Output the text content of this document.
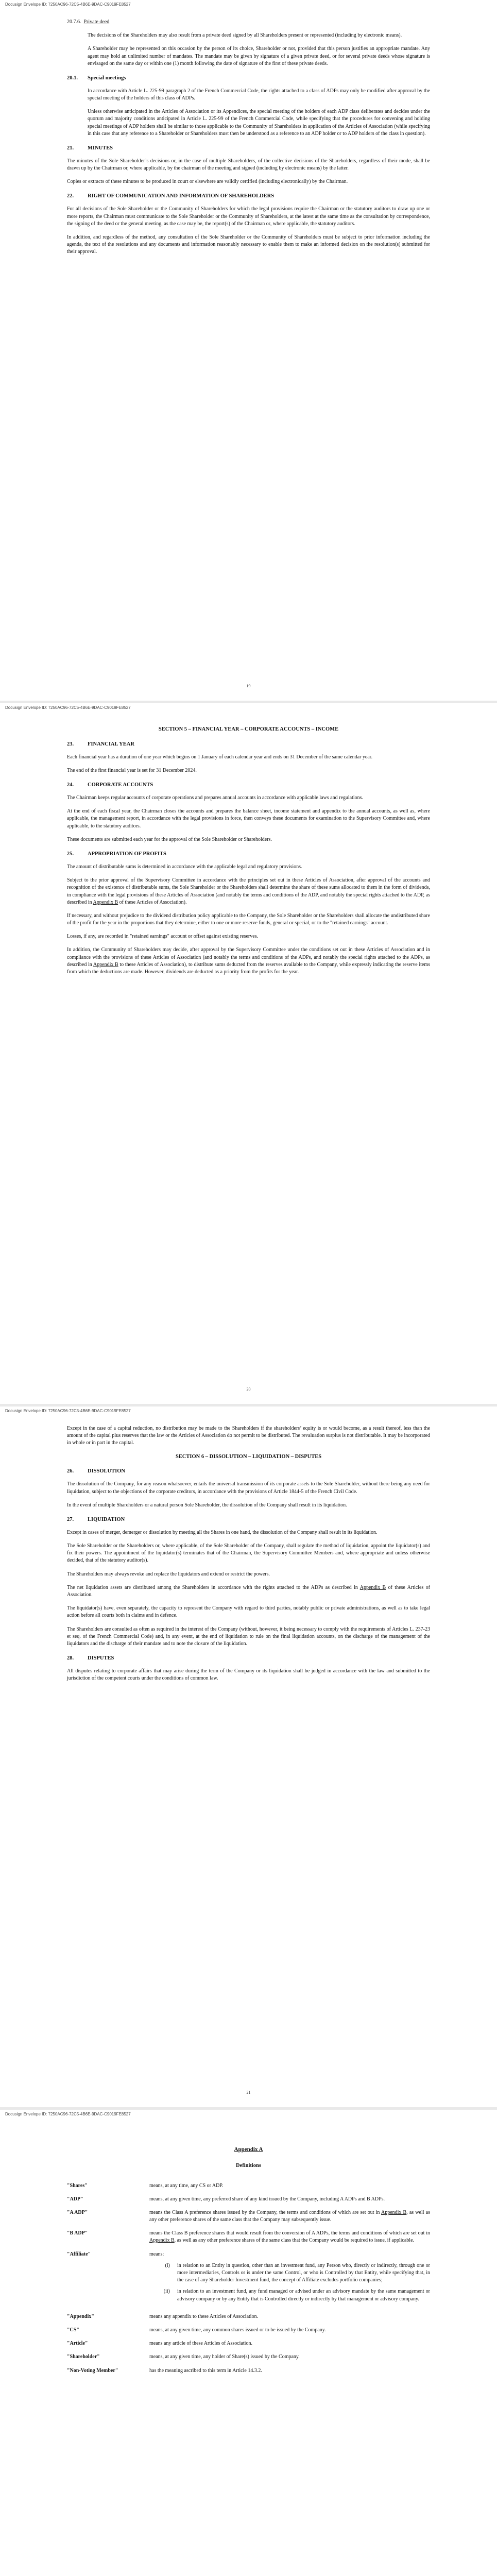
Docusign Envelope ID: 7250AC96-72C5-4B6E-9DAC-C9019FE8527

20.7.6. Private deed

The decisions of the Shareholders may also result from a private deed signed by all Shareholders present or represented (including by electronic means).

A Shareholder may be represented on this occasion by the person of its choice, Shareholder or not, provided that this person justifies an appropriate mandate. Any agent may hold an unlimited number of mandates. The mandate may be given by signature of a given private deed, or for several private deeds whose signature is envisaged on the same day or within one (1) month following the date of signature of the first of these private deeds.

20.1.	Special meetings

In accordance with Article L. 225-99 paragraph 2 of the French Commercial Code, the rights attached to a class of ADPs may only be modified after approval by the special meeting of the holders of this class of ADPs.

Unless otherwise anticipated in the Articles of Association or its Appendices, the special meeting of the holders of each ADP class deliberates and decides under the quorum and majority conditions anticipated in Article L. 225-99 of the French Commercial Code, while specifying that the procedures for convening and holding special meetings of ADP holders shall be similar to those applicable to the Community of Shareholders in application of the Articles of Association (while specifying in this case that any reference to a Shareholder or Shareholders must then be understood as a reference to an ADP holder or to ADP holders of the class in question).

21.	MINUTES

The minutes of the Sole Shareholder’s decisions or, in the case of multiple Shareholders, of the collective decisions of the Shareholders, regardless of their mode, shall be drawn up by the Chairman or, where applicable, by the chairman of the meeting and signed (including by electronic means) by the latter.

Copies or extracts of these minutes to be produced in court or elsewhere are validly certified (including electronically) by the Chairman.

22.	RIGHT OF COMMUNICATION AND INFORMATION OF SHAREHOLDERS

For all decisions of the Sole Shareholder or the Community of Shareholders for which the legal provisions require the Chairman or the statutory auditors to draw up one or more reports, the Chairman must communicate to the Sole Shareholder or the Community of Shareholders, at the latest at the same time as the consultation by correspondence, the signing of the deed or the general meeting, as the case may be, the report(s) of the Chairman or, where applicable, the statutory auditors.

In addition, and regardless of the method, any consultation of the Sole Shareholder or the Community of Shareholders must be subject to prior information including the agenda, the text of the resolutions and any documents and information reasonably necessary to enable them to make an informed decision on the resolution(s) submitted for their approval.

19
Docusign Envelope ID: 7250AC96-72C5-4B6E-9DAC-C9019FE8527
SECTION 5 – FINANCIAL YEAR – CORPORATE ACCOUNTS – INCOME
23.	FINANCIAL YEAR

Each financial year has a duration of one year which begins on 1 January of each calendar year and ends on 31 December of the same calendar year.

The end of the first financial year is set for 31 December 2024.

24.	CORPORATE ACCOUNTS

The Chairman keeps regular accounts of corporate operations and prepares annual accounts in accordance with applicable laws and regulations.

At the end of each fiscal year, the Chairman closes the accounts and prepares the balance sheet, income statement and appendix to the annual accounts, as well as, where applicable, the management report, in accordance with the legal provisions in force, then conveys these documents for examination to the Supervisory Committee and, where applicable, to the statutory auditors.

These documents are submitted each year for the approval of the Sole Shareholder or Shareholders.

25.	APPROPRIATION OF PROFITS

The amount of distributable sums is determined in accordance with the applicable legal and regulatory provisions.

Subject to the prior approval of the Supervisory Committee in accordance with the principles set out in these Articles of Association, after approval of the accounts and recognition of the existence of distributable sums, the Sole Shareholder or the Shareholders shall determine the share of these sums allocated to them in the form of dividends, in compliance with the legal provisions of these Articles of Association (and notably the terms and conditions of the ADP, and notably the special rights attached to the ADP, as described in Appendix B of these Articles of Association).

If necessary, and without prejudice to the dividend distribution policy applicable to the Company, the Sole Shareholder or the Shareholders shall allocate the undistributed share of the profit for the year in the proportions that they determine, either to one or more reserve funds, general or special, or to the "retained earnings" account.

Losses, if any, are recorded in "retained earnings" account or offset against existing reserves.

In addition, the Community of Shareholders may decide, after approval by the Supervisory Committee under the conditions set out in these Articles of Association and in compliance with the provisions of these Articles of Association (and notably the terms and conditions of the ADPs, and notably the special rights attached to the ADPs, as described in Appendix B to these Articles of Association), to distribute sums deducted from the reserves available to the Company, while expressly indicating the reserve items from which the deductions are made. However, dividends are deducted as a priority from the profits for the year.

20
Docusign Envelope ID: 7250AC96-72C5-4B6E-9DAC-C9019FE8527

Except in the case of a capital reduction, no distribution may be made to the Shareholders if the shareholders’ equity is or would become, as a result thereof, less than the amount of the capital plus reserves that the law or the Articles of Association do not permit to be distributed. The revaluation surplus is not distributable. It may be incorporated in whole or in part in the capital.

SECTION 6 – DISSOLUTION – LIQUIDATION – DISPUTES
26.	DISSOLUTION

The dissolution of the Company, for any reason whatsoever, entails the universal transmission of its corporate assets to the Sole Shareholder, without there being any need for liquidation, subject to the objections of the corporate creditors, in accordance with the provisions of Article 1844-5 of the French Civil Code.

In the event of multiple Shareholders or a natural person Sole Shareholder, the dissolution of the Company shall result in its liquidation.

27.	LIQUIDATION

Except in cases of merger, demerger or dissolution by meeting all the Shares in one hand, the dissolution of the Company shall result in its liquidation.

The Sole Shareholder or the Shareholders or, where applicable, of the Sole Shareholder of the Company, shall regulate the method of liquidation, appoint the liquidator(s) and fix their powers. The appointment of the liquidator(s) terminates that of the Chairman, the Supervisory Committee Members and, where appropriate and unless otherwise decided, that of the statutory auditor(s).

The Shareholders may always revoke and replace the liquidators and extend or restrict the powers.

The net liquidation assets are distributed among the Shareholders in accordance with the rights attached to the ADPs as described in Appendix B of these Articles of Association.

The liquidator(s) have, even separately, the capacity to represent the Company with regard to third parties, notably public or private administrations, as well as to take legal action before all courts both in claims and in defence.

The Shareholders are consulted as often as required in the interest of the Company (without, however, it being necessary to comply with the requirements of Articles L. 237-23 et seq. of the French Commercial Code) and, in any event, at the end of liquidation to rule on the final liquidation accounts, on the discharge of the management of the liquidators and the discharge of their mandate and to note the closure of the liquidation.

28.	DISPUTES

All disputes relating to corporate affairs that may arise during the term of the Company or its liquidation shall be judged in accordance with the law and submitted to the jurisdiction of the competent courts under the conditions of common law.

21
Docusign Envelope ID: 7250AC96-72C5-4B6E-9DAC-C9019FE8527
Appendix A
Definitions
"Shares"	means, at any time, any CS or ADP.
"ADP"	means, at any given time, any preferred share of any kind issued by the Company, including A ADPs and B ADPs.
"A ADP"	means the Class A preference shares issued by the Company, the terms and conditions of which are set out in Appendix B, as well as any other preference shares of the same class that the Company may subsequently issue.
"B ADP"	means the Class B preference shares that would result from the conversion of A ADPs, the terms and conditions of which are set out in Appendix B, as well as any other preference shares of the same class that the Company would be required to issue, if applicable.
"Affiliate"	means:
(i)	in relation to an Entity in question, other than an investment fund, any Person who, directly or indirectly, through one or more intermediaries, Controls or is under the same Control, or who is Controlled by that Entity, while specifying that, in the case of any Shareholder Investment fund, the concept of Affiliate excludes portfolio companies;
(ii)	in relation to an investment fund, any fund managed or advised under an advisory mandate by the same management or advisory company or by any Entity that is Controlled directly or indirectly by that management or advisory company.
"Appendix"	means any appendix to these Articles of Association.
"CS"	means, at any given time, any common shares issued or to be issued by the Company.
"Article"	means any article of these Articles of Association.
"Shareholder"	means, at any given time, any holder of Share(s) issued by the Company.
"Non-Voting Member"	has the meaning ascribed to this term in Article 14.3.2.
